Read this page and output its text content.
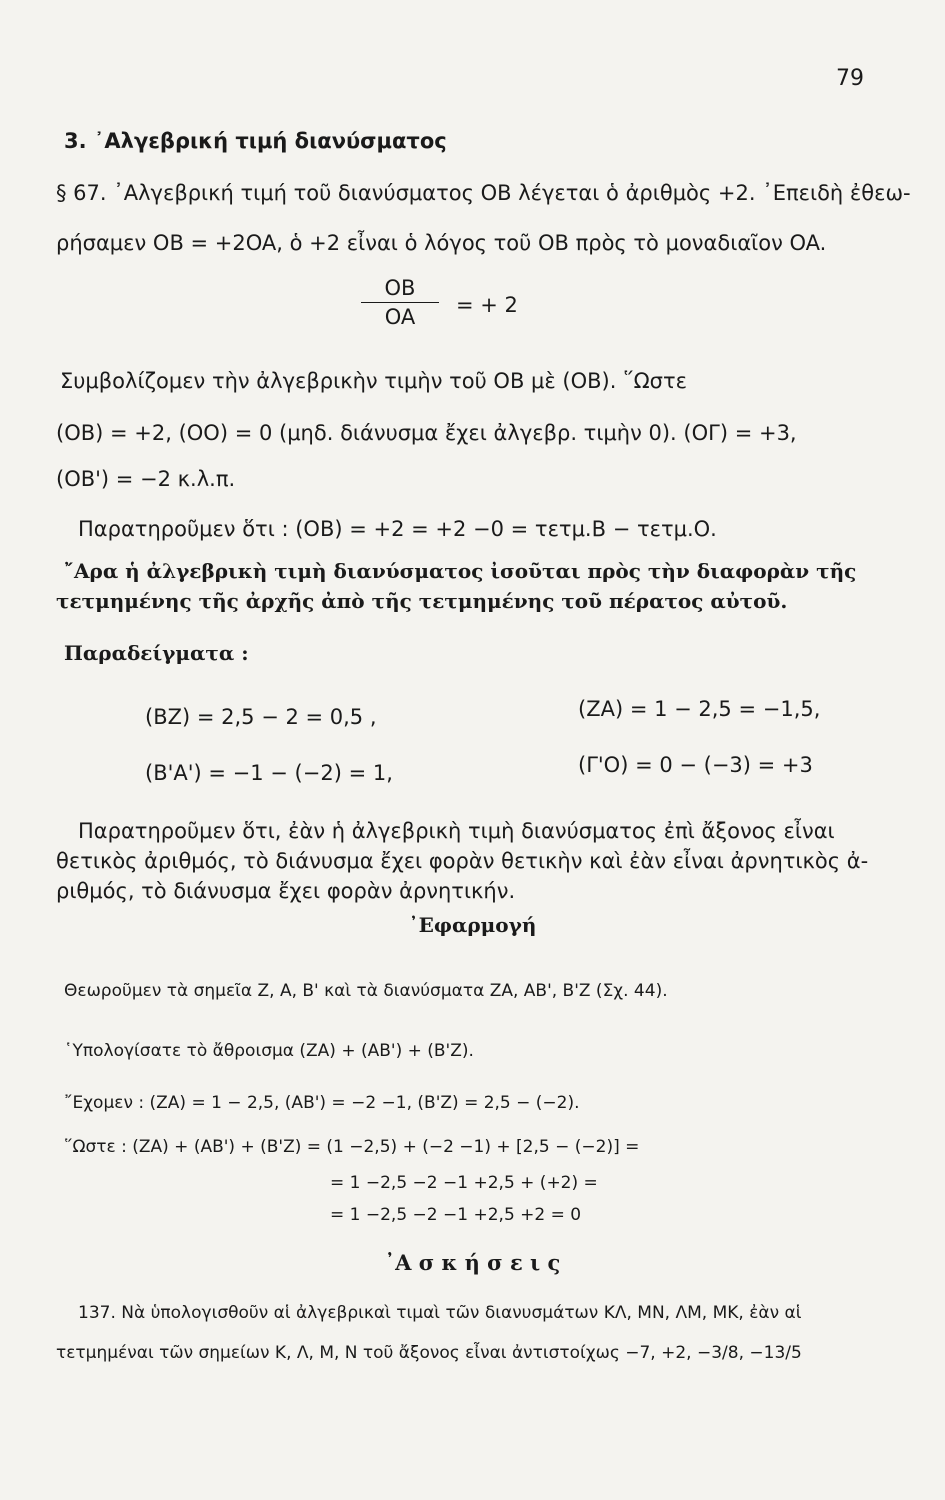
79
3. ᾿Αλγεβρική τιμή διανύσματος
§ 67. ᾿Αλγεβρική τιμή τοῦ διανύσματος OB λέγεται ὁ ἀριθμὸς +2. ᾿Επειδὴ ἐθεω-
ρήσαμεν OB = +2OA, ὁ +2 εἶναι ὁ λόγος τοῦ OB πρὸς τὸ μοναδιαῖον OA.
OB
OA	= + 2
Συμβολίζομεν τὴν ἀλγεβρικὴν τιμὴν τοῦ OB μὲ (OB). ῞Ωστε
(OB) = +2, (OO) = 0 (μηδ. διάνυσμα ἔχει ἀλγεβρ. τιμὴν 0). (OΓ) = +3,
(OB') = −2 κ.λ.π.
Παρατηροῦμεν ὅτι : (OB) = +2 = +2 −0 = τετμ.Β − τετμ.Ο.
῎Αρα ἡ ἀλγεβρικὴ τιμὴ διανύσματος ἰσοῦται πρὸς τὴν διαφορὰν τῆς
τετμημένης τῆς ἀρχῆς ἀπὸ τῆς τετμημένης τοῦ πέρατος αὐτοῦ.
Παραδείγματα :
(BZ) = 2,5 − 2 = 0,5 ,	(ZA) = 1 − 2,5 = −1,5,
(B'A') = −1 − (−2) = 1,	(Γ'O) = 0 − (−3) = +3
Παρατηροῦμεν ὅτι, ἐὰν ἡ ἀλγεβρικὴ τιμὴ διανύσματος ἐπὶ ἄξονος εἶναι
θετικὸς ἀριθμός, τὸ διάνυσμα ἔχει φορὰν θετικὴν καὶ ἐὰν εἶναι ἀρνητικὸς ἀ-
ριθμός, τὸ διάνυσμα ἔχει φορὰν ἀρνητικήν.
᾿Εφαρμογή
Θεωροῦμεν τὰ σημεῖα Z, A, B' καὶ τὰ διανύσματα ZA, AB', B'Z (Σχ. 44).
῾Υπολογίσατε τὸ ἄθροισμα (ZA) + (AB') + (B'Z).
῎Εχομεν : (ZA) = 1 − 2,5, (AB') = −2 −1, (B'Z) = 2,5 − (−2).
῞Ωστε : (ZA) + (AB') + (B'Z) = (1 −2,5) + (−2 −1) + [2,5 − (−2)] =
= 1 −2,5 −2 −1 +2,5 + (+2) =
= 1 −2,5 −2 −1 +2,5 +2 = 0
᾿Α σ κ ή σ ε ι ς
137. Νὰ ὑπολογισθοῦν αἱ ἀλγεβρικαὶ τιμαὶ τῶν διανυσμάτων ΚΛ, ΜΝ, ΛΜ, ΜΚ, ἐὰν αἱ
τετμημέναι τῶν σημείων Κ, Λ, Μ, Ν τοῦ ἄξονος εἶναι ἀντιστοίχως −7, +2, −3/8, −13/5
